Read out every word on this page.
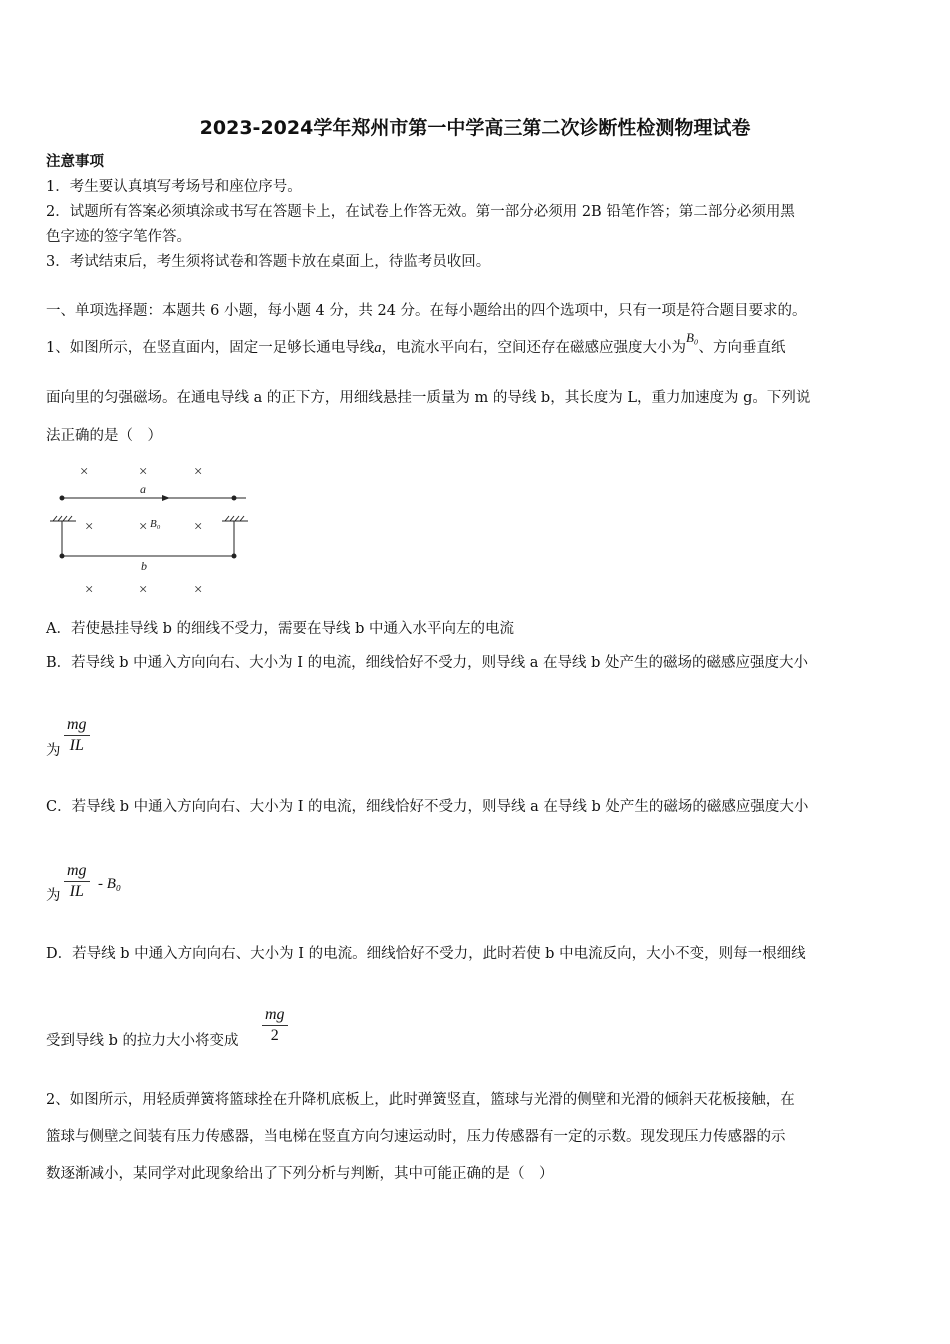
2023-2024学年郑州市第一中学高三第二次诊断性检测物理试卷
注意事项
1．考生要认真填写考场号和座位序号。
2．试题所有答案必须填涂或书写在答题卡上，在试卷上作答无效。第一部分必须用 2B 铅笔作答；第二部分必须用黑
色字迹的签字笔作答。
3．考试结束后，考生须将试卷和答题卡放在桌面上，待监考员收回。
一、单项选择题：本题共 6 小题，每小题 4 分，共 24 分。在每小题给出的四个选项中，只有一项是符合题目要求的。
1、如图所示，在竖直面内，固定一足够长通电导线a，电流水平向右，空间还存在磁感应强度大小为B₀、方向垂直纸
面向里的匀强磁场。在通电导线 a 的正下方，用细线悬挂一质量为 m 的导线 b，其长度为 L，重力加速度为 g。下列说
法正确的是（　）
×	×	×
×	×	×
×	×	×
a
b
B₀
A．若使悬挂导线 b 的细线不受力，需要在导线 b 中通入水平向左的电流
B．若导线 b 中通入方向向右、大小为 I 的电流，细线恰好不受力，则导线 a 在导线 b 处产生的磁场的磁感应强度大小
为
mg
IL
C．若导线 b 中通入方向向右、大小为 I 的电流，细线恰好不受力，则导线 a 在导线 b 处产生的磁场的磁感应强度大小
为
mg
IL - B₀
D．若导线 b 中通入方向向右、大小为 I 的电流。细线恰好不受力，此时若使 b 中电流反向，大小不变，则每一根细线
受到导线 b 的拉力大小将变成
mg
2
2、如图所示，用轻质弹簧将篮球拴在升降机底板上，此时弹簧竖直，篮球与光滑的侧壁和光滑的倾斜天花板接触，在
篮球与侧壁之间装有压力传感器，当电梯在竖直方向匀速运动时，压力传感器有一定的示数。现发现压力传感器的示
数逐渐减小，某同学对此现象给出了下列分析与判断，其中可能正确的是（　）
